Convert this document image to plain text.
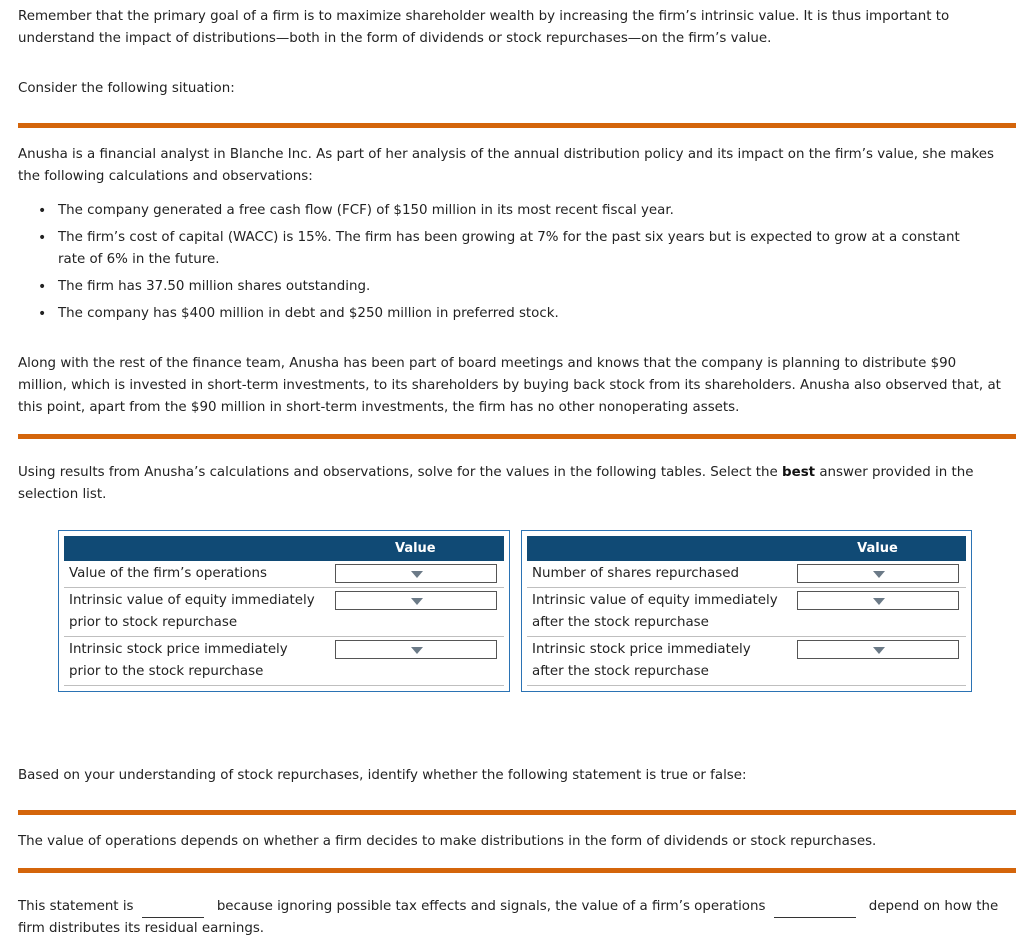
Remember that the primary goal of a firm is to maximize shareholder wealth by increasing the firm’s intrinsic value. It is thus important to understand the impact of distributions—both in the form of dividends or stock repurchases—on the firm’s value.

Consider the following situation:

Anusha is a financial analyst in Blanche Inc. As part of her analysis of the annual distribution policy and its impact on the firm’s value, she makes the following calculations and observations:

• The company generated a free cash flow (FCF) of $150 million in its most recent fiscal year.
• The firm’s cost of capital (WACC) is 15%. The firm has been growing at 7% for the past six years but is expected to grow at a constant rate of 6% in the future.
• The firm has 37.50 million shares outstanding.
• The company has $400 million in debt and $250 million in preferred stock.

Along with the rest of the finance team, Anusha has been part of board meetings and knows that the company is planning to distribute $90 million, which is invested in short-term investments, to its shareholders by buying back stock from its shareholders. Anusha also observed that, at this point, apart from the $90 million in short-term investments, the firm has no other nonoperating assets.

Using results from Anusha’s calculations and observations, solve for the values in the following tables. Select the best answer provided in the selection list.

	Value
Value of the firm’s operations	

Intrinsic value of equity immediately prior to stock repurchase	

Intrinsic stock price immediately prior to the stock repurchase	
	Value
Number of shares repurchased	

Intrinsic value of equity immediately after the stock repurchase	

Intrinsic stock price immediately after the stock repurchase	

Based on your understanding of stock repurchases, identify whether the following statement is true or false:

The value of operations depends on whether a firm decides to make distributions in the form of dividends or stock repurchases.

This statement is	because ignoring possible tax effects and signals, the value of a firm’s operations	depend on how the firm distributes its residual earnings.
